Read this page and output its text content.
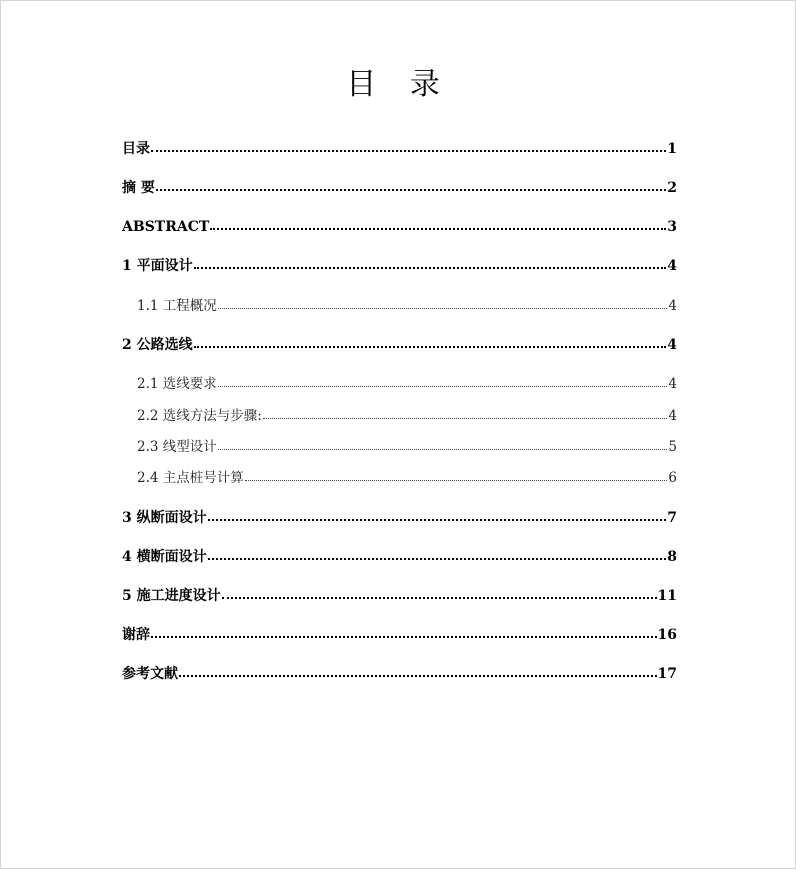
目 录
目录	1
摘 要	2
ABSTRACT	3
1 平面设计	4
1.1 工程概况	4
2 公路选线	4
2.1 选线要求	4
2.2 选线方法与步骤:	4
2.3 线型设计	5
2.4 主点桩号计算	6
3 纵断面设计	7
4 横断面设计	8
5 施工进度设计	11
谢辞	16
参考文献	17
